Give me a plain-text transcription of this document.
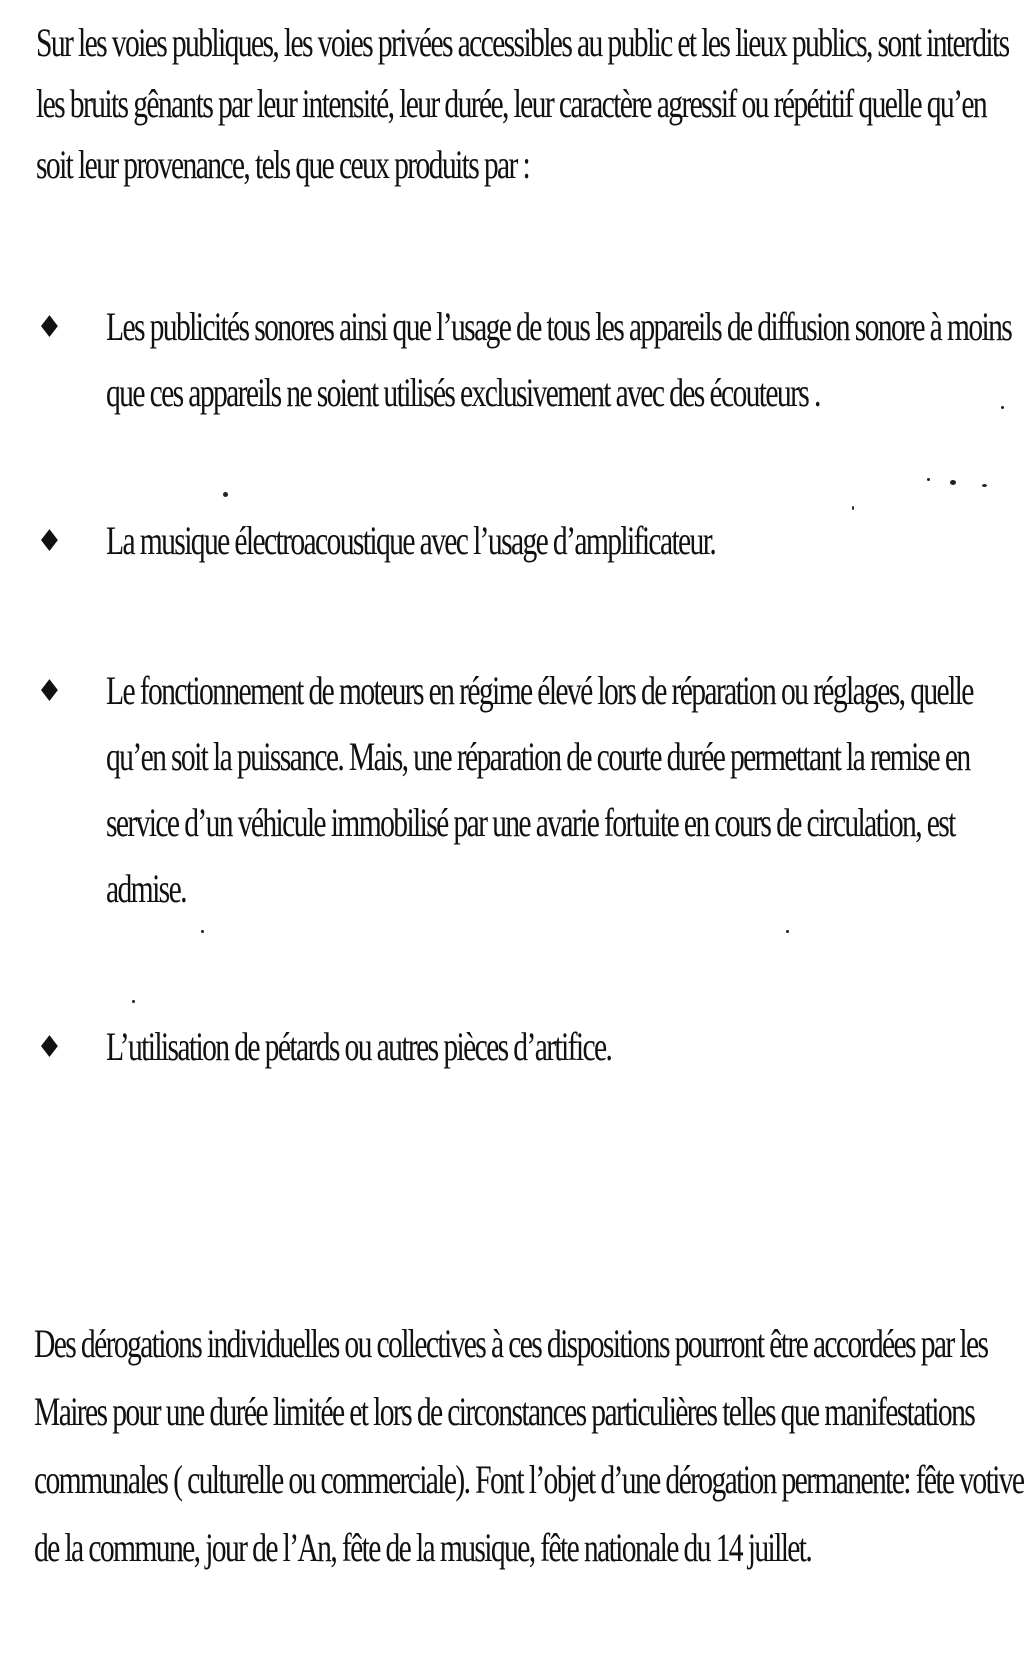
Sur les voies publiques, les voies privées accessibles au public et les lieux publics, sont interdits
les bruits gênants par leur intensité, leur durée, leur caractère agressif ou répétitif quelle qu’en
soit leur provenance, tels que ceux produits par :
♦ Les publicités sonores ainsi que l’usage de tous les appareils de diffusion sonore à moins
que ces appareils ne soient utilisés exclusivement avec des écouteurs .
♦ La musique électroacoustique avec l’usage d’amplificateur.
♦ Le fonctionnement de moteurs en régime élevé lors de réparation ou réglages, quelle
qu’en soit la puissance. Mais, une réparation de courte durée permettant la remise en
service d’un véhicule immobilisé par une avarie fortuite en cours de circulation, est
admise.
♦ L’utilisation de pétards ou autres pièces d’artifice.
Des dérogations individuelles ou collectives à ces dispositions pourront être accordées par les
Maires pour une durée limitée et lors de circonstances particulières telles que manifestations
communales ( culturelle ou commerciale). Font l’objet d’une dérogation permanente: fête votive
de la commune, jour de l’An, fête de la musique, fête nationale du 14 juillet.
